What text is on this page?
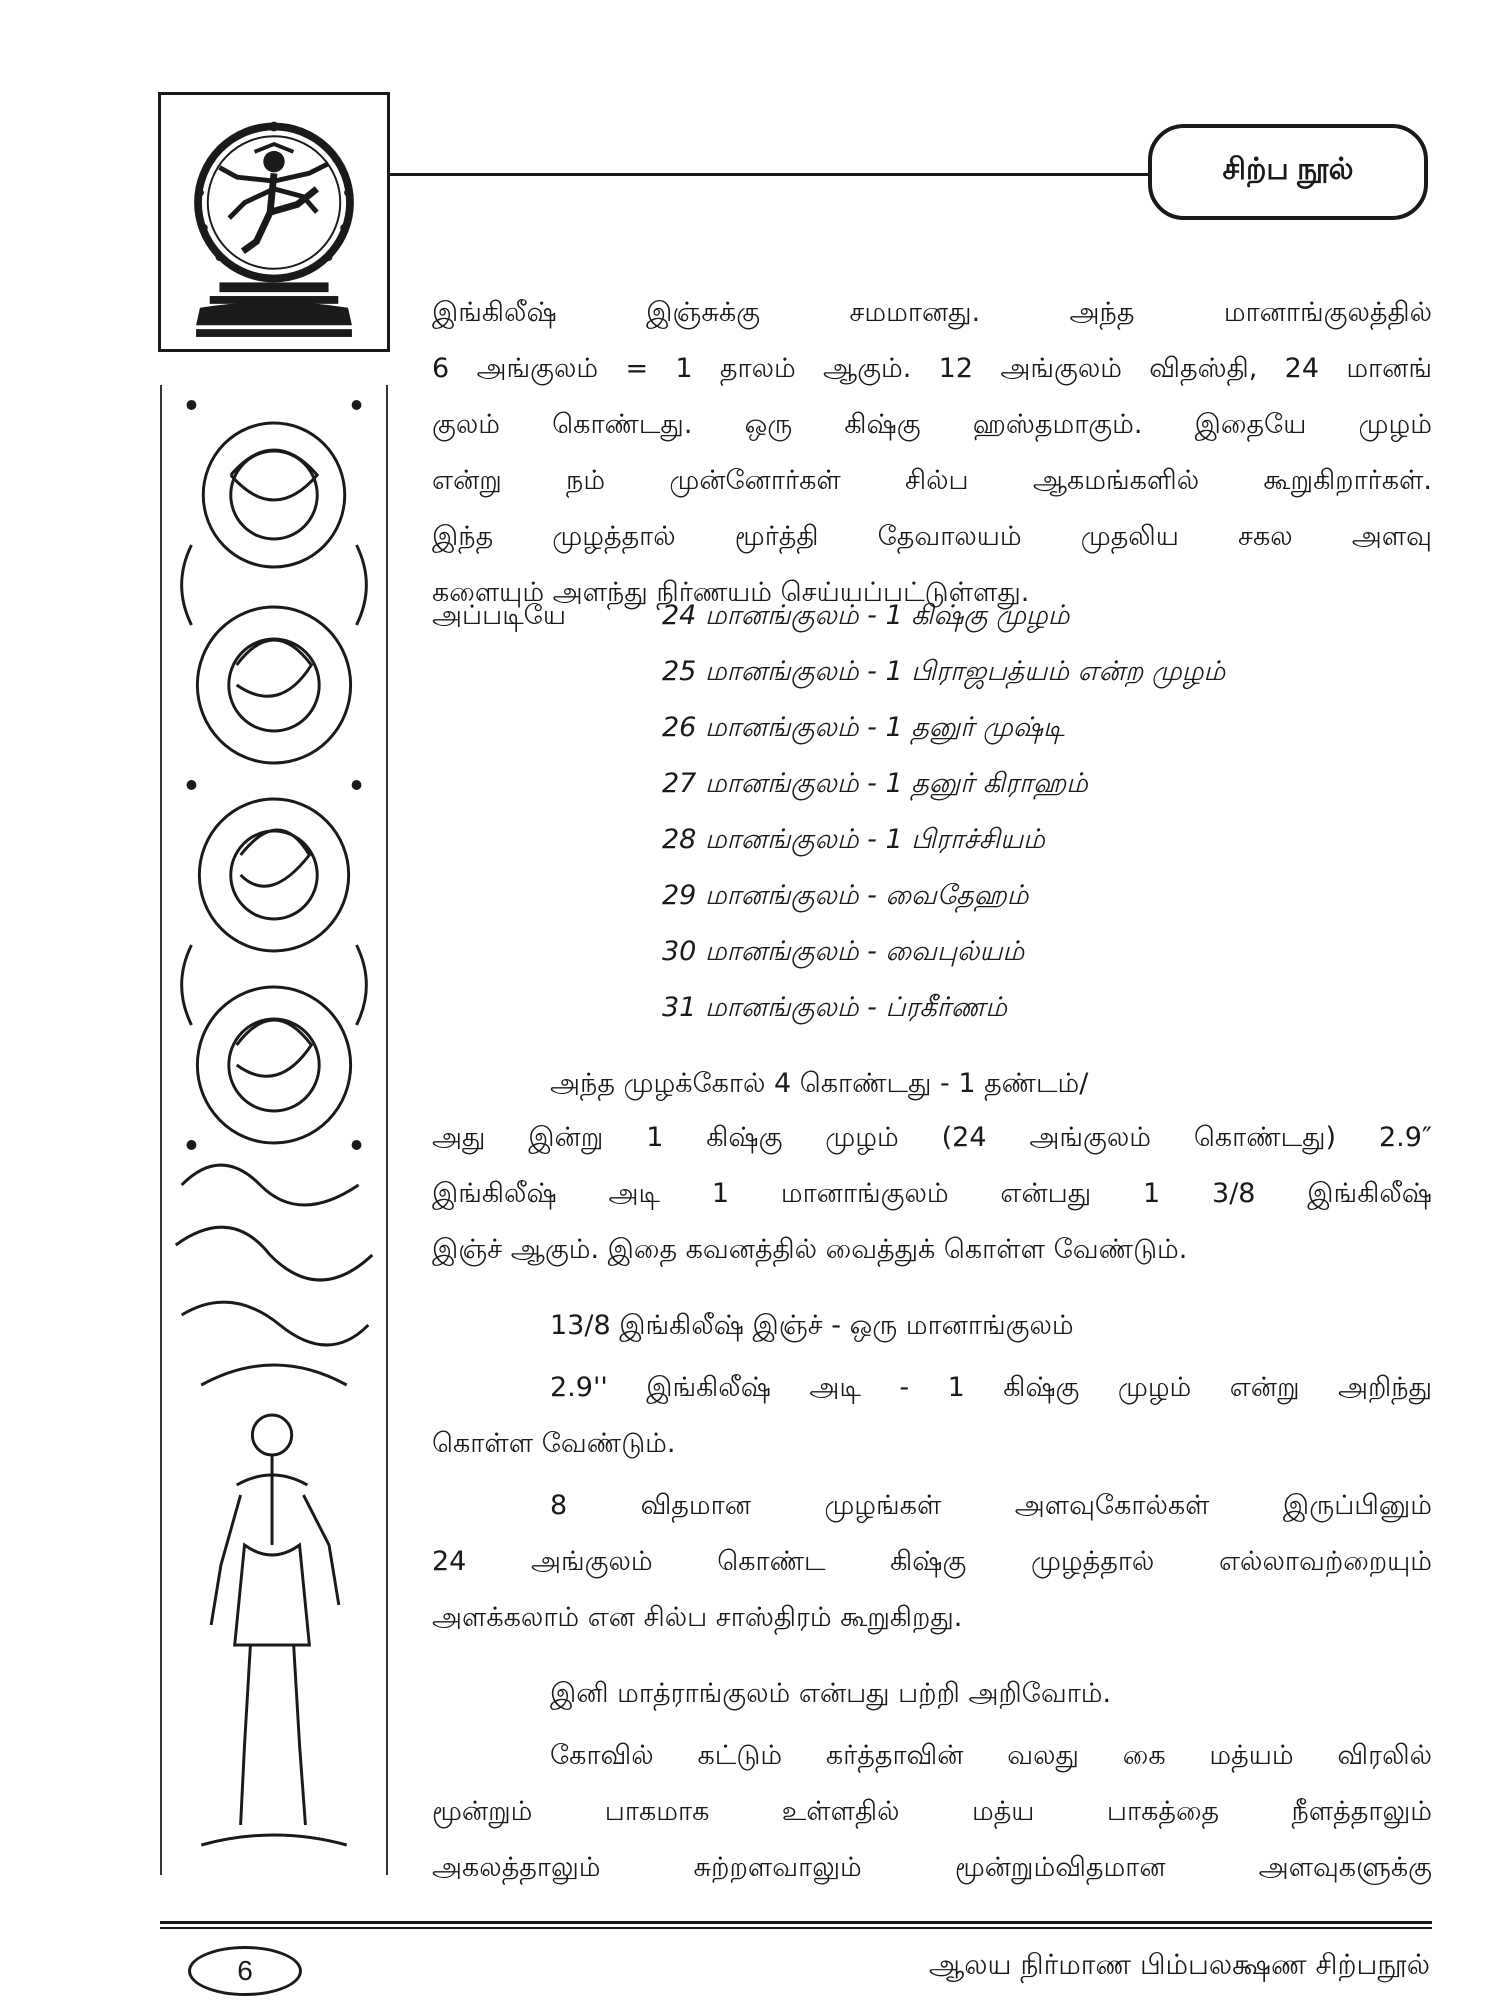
சிற்ப நூல்

இங்கிலீஷ் இஞ்சுக்கு சமமானது. அந்த மானாங்குலத்தில்
6 அங்குலம் = 1 தாலம் ஆகும். 12 அங்குலம் விதஸ்தி, 24 மானங்
குலம் கொண்டது. ஒரு கிஷ்கு ஹஸ்தமாகும். இதையே முழம்
என்று நம் முன்னோர்கள் சில்ப ஆகமங்களில் கூறுகிறார்கள்.
இந்த முழத்தால் மூர்த்தி தேவாலயம் முதலிய சகல அளவு
களையும் அளந்து நிர்ணயம் செய்யப்பட்டுள்ளது.

அப்படியே	24 மானங்குலம் - 1 கிஷ்கு முழம்
25 மானங்குலம் - 1 பிராஜபத்யம் என்ற முழம்
26 மானங்குலம் - 1 தனுர் முஷ்டி
27 மானங்குலம் - 1 தனுர் கிராஹம்
28 மானங்குலம் - 1 பிராச்சியம்
29 மானங்குலம் - வைதேஹம்
30 மானங்குலம் - வைபுல்யம்
31 மானங்குலம் - ப்ரகீர்ணம்
அந்த முழக்கோல் 4 கொண்டது - 1 தண்டம்/
அது இன்று 1 கிஷ்கு முழம் (24 அங்குலம் கொண்டது) 2.9″
இங்கிலீஷ் அடி 1 மானாங்குலம் என்பது 1 3/8 இங்கிலீஷ்
இஞ்ச் ஆகும். இதை கவனத்தில் வைத்துக் கொள்ள வேண்டும்.
13/8 இங்கிலீஷ் இஞ்ச் - ஒரு மானாங்குலம்
2.9'' இங்கிலீஷ் அடி - 1 கிஷ்கு முழம் என்று அறிந்து
கொள்ள வேண்டும்.
8 விதமான முழங்கள் அளவுகோல்கள் இருப்பினும்
24 அங்குலம் கொண்ட கிஷ்கு முழத்தால் எல்லாவற்றையும்
அளக்கலாம் என சில்ப சாஸ்திரம் கூறுகிறது.
இனி மாத்ராங்குலம் என்பது பற்றி அறிவோம்.
கோவில் கட்டும் கர்த்தாவின் வலது கை மத்யம் விரலில்
மூன்றும் பாகமாக உள்ளதில் மத்ய பாகத்தை நீளத்தாலும்
அகலத்தாலும் சுற்றளவாலும் மூன்றும்விதமான அளவுகளுக்கு
6	ஆலய நிர்மாண பிம்பலக்ஷண சிற்பநூல்
